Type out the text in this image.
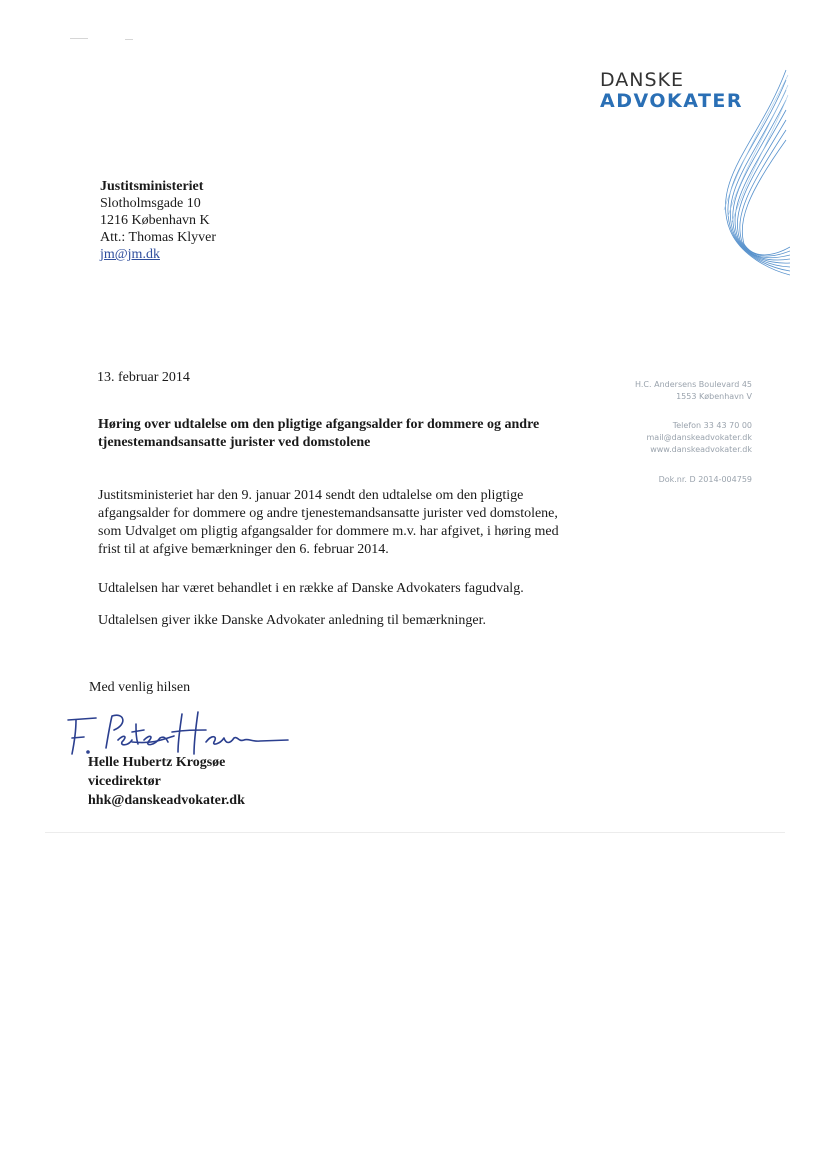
DANSKE
ADVOKATER
Justitsministeriet
Slotholmsgade 10
1216 København K
Att.: Thomas Klyver
jm@jm.dk
13. februar 2014	H.C. Andersens Boulevard 45
1553 København V
Telefon 33 43 70 00
mail@danskeadvokater.dk
www.danskeadvokater.dk
Dok.nr. D 2014-004759
Høring over udtalelse om den pligtige afgangsalder for dommere og andre tjenestemandsansatte jurister ved domstolene
Justitsministeriet har den 9. januar 2014 sendt den udtalelse om den pligtige afgangsalder for dommere og andre tjenestemandsansatte jurister ved domstolene, som Udvalget om pligtig afgangsalder for dommere m.v. har afgivet, i høring med frist til at afgive bemærkninger den 6. februar 2014.
Udtalelsen har været behandlet i en række af Danske Advokaters fagudvalg.
Udtalelsen giver ikke Danske Advokater anledning til bemærkninger.
Med venlig hilsen
Helle Hubertz Krogsøe
vicedirektør
hhk@danskeadvokater.dk
